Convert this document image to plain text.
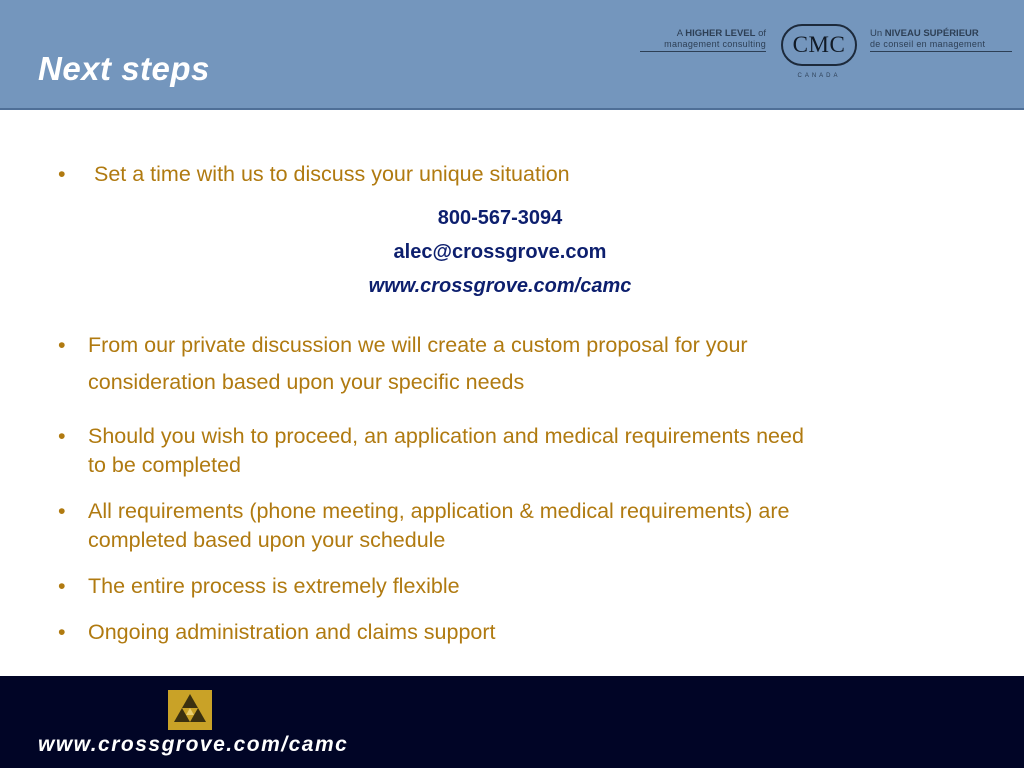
Next steps
A HIGHER LEVEL of
management consulting CMC
CANADA
Un NIVEAU SUPÉRIEUR
de conseil en management
• Set a time with us to discuss your unique situation
800-567-3094
alec@crossgrove.com
www.crossgrove.com/camc
• From our private discussion we will create a custom proposal for your
consideration based upon your specific needs
• Should you wish to proceed, an application and medical requirements need
to be completed
• All requirements (phone meeting, application & medical requirements) are
completed based upon your schedule
• The entire process is extremely flexible
• Ongoing administration and claims support
www.crossgrove.com/camc
